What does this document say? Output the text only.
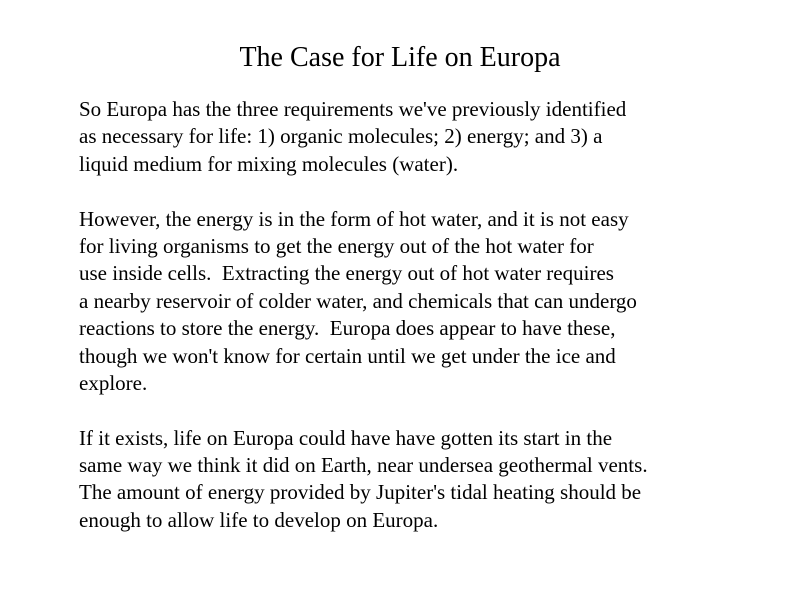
The Case for Life on Europa

So Europa has the three requirements we've previously identified
as necessary for life: 1) organic molecules; 2) energy; and 3) a
liquid medium for mixing molecules (water).

However, the energy is in the form of hot water, and it is not easy
for living organisms to get the energy out of the hot water for
use inside cells.  Extracting the energy out of hot water requires
a nearby reservoir of colder water, and chemicals that can undergo
reactions to store the energy.  Europa does appear to have these,
though we won't know for certain until we get under the ice and
explore.

If it exists, life on Europa could have have gotten its start in the
same way we think it did on Earth, near undersea geothermal vents.
The amount of energy provided by Jupiter's tidal heating should be
enough to allow life to develop on Europa.
